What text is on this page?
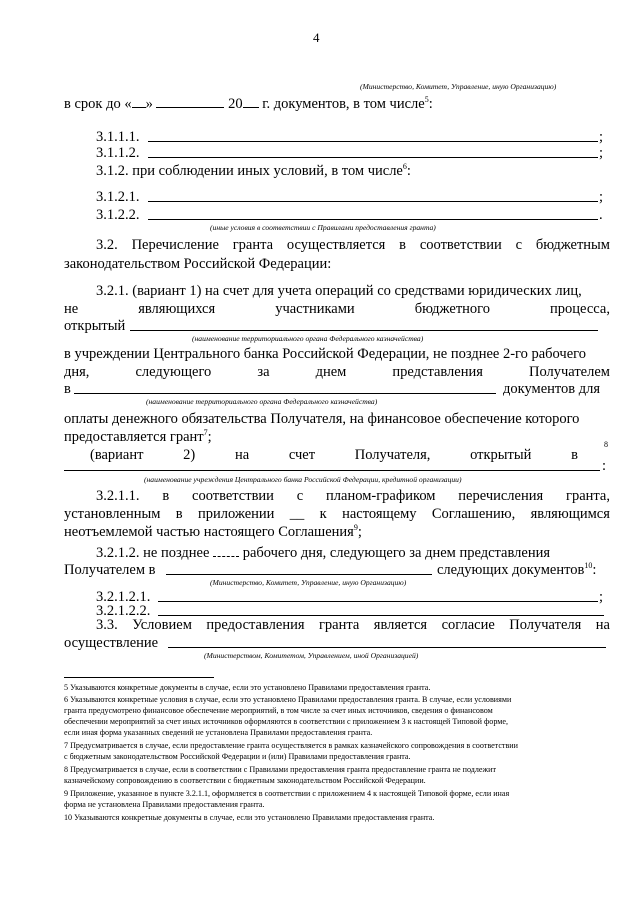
4
(Министерство, Комитет, Управление, иную Организацию)
в срок до « »	20 г. документов, в том числе$^5$:
3.1.1.1.	;
3.1.1.2.	;
3.1.2. при соблюдении иных условий, в том числе$^6$:
3.1.2.1.	;
3.1.2.2.	.
(иные условия в соответствии с Правилами предоставления гранта)
3.2. Перечисление гранта осуществляется в соответствии с бюджетным
законодательством Российской Федерации:
3.2.1. (вариант 1) на счет для учета операций со средствами юридических лиц,
не	являющихся	участниками	бюджетного	процесса,
открытый
(наименование территориального органа Федерального казначейства)
в учреждении Центрального банка Российской Федерации, не позднее 2-го рабочего
дня,	следующего	за	днем	представления	Получателем
в	документов для
(наименование территориального органа Федерального казначейства)
оплаты денежного обязательства Получателя, на финансовое обеспечение которого
предоставляется грант$^7$;
(вариант	2)	на	счет	Получателя,	открытый	в
8
:
(наименование учреждения Центрального банка Российской Федерации, кредитной организации)
3.2.1.1. в соответствии с планом-графиком перечисления гранта,
установленным в приложении __ к настоящему Соглашению, являющимся
неотъемлемой частью настоящего Соглашения$^9$;
3.2.1.2. не позднее рабочего дня, следующего за днем представления
Получателем в	следующих документов$^{10}$:
(Министерство, Комитет, Управление, иную Организацию)
3.2.1.2.1.	;
3.2.1.2.2.
3.3. Условием предоставления гранта является согласие Получателя на
осуществление
(Министерством, Комитетом, Управлением, иной Организацией)
5 Указываются конкретные документы в случае, если это установлено Правилами предоставления гранта.
6 Указываются конкретные условия в случае, если это установлено Правилами предоставления гранта. В случае, если условиями
гранта предусмотрено финансовое обеспечение мероприятий, в том числе за счет иных источников, сведения о финансовом
обеспечении мероприятий за счет иных источников оформляются в соответствии с приложением 3 к настоящей Типовой форме,
если иная форма указанных сведений не установлена Правилами предоставления гранта.
7 Предусматривается в случае, если предоставление гранта осуществляется в рамках казначейского сопровождения в соответствии
с бюджетным законодательством Российской Федерации и (или) Правилами предоставления гранта.
8 Предусматривается в случае, если в соответствии с Правилами предоставления гранта предоставление гранта не подлежит
казначейскому сопровождению в соответствии с бюджетным законодательством Российской Федерации.
9 Приложение, указанное в пункте 3.2.1.1, оформляется в соответствии с приложением 4 к настоящей Типовой форме, если иная
форма не установлена Правилами предоставления гранта.
10 Указываются конкретные документы в случае, если это установлено Правилами предоставления гранта.
